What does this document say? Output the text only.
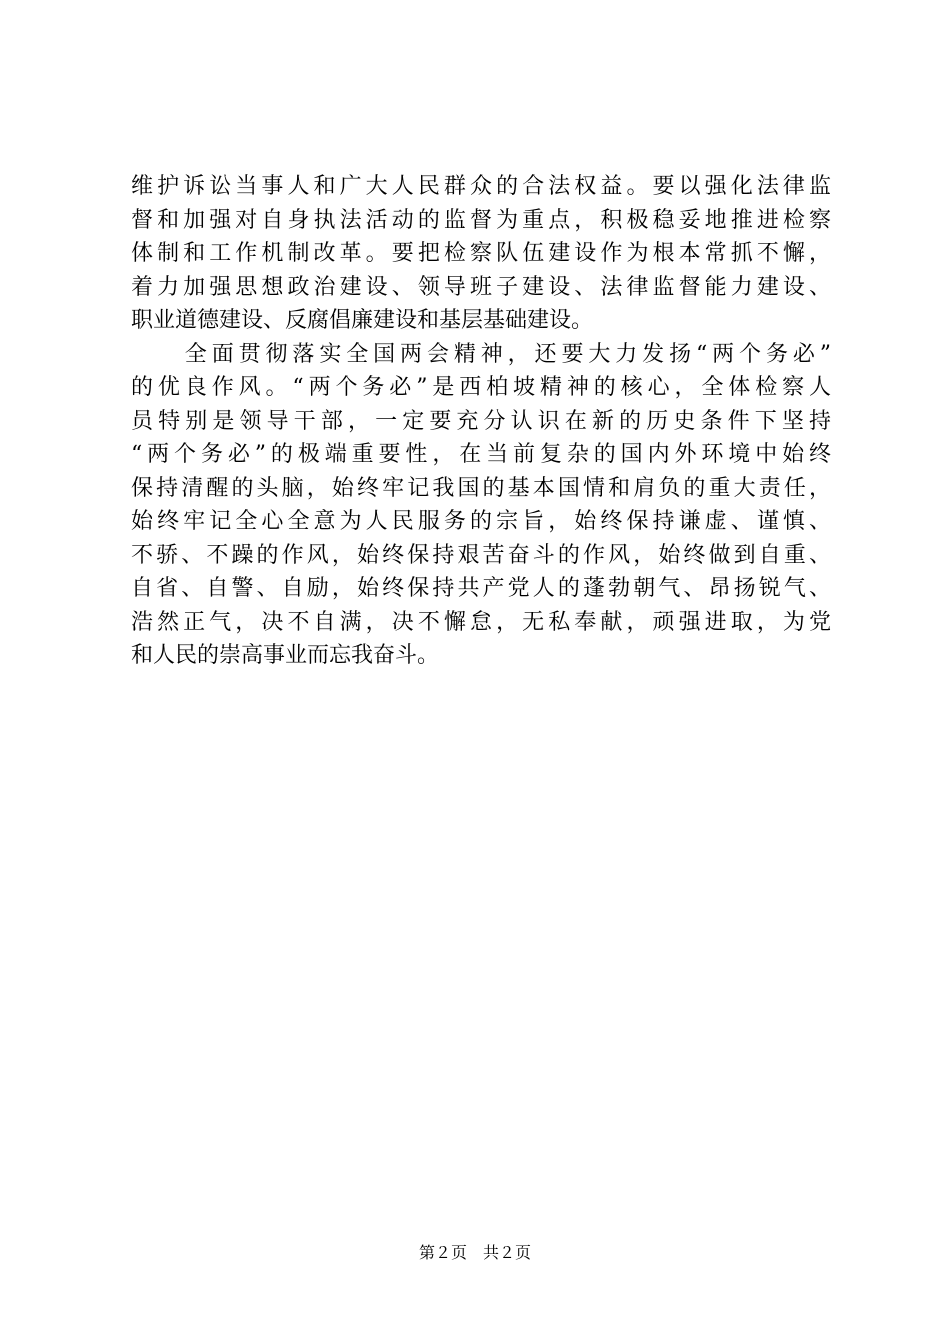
维护诉讼当事人和广大人民群众的合法权益。要以强化法律监
督和加强对自身执法活动的监督为重点，积极稳妥地推进检察
体制和工作机制改革。要把检察队伍建设作为根本常抓不懈，
着力加强思想政治建设、领导班子建设、法律监督能力建设、
职业道德建设、反腐倡廉建设和基层基础建设。
　　全面贯彻落实全国两会精神，还要大力发扬“两个务必”
的优良作风。“两个务必”是西柏坡精神的核心，全体检察人
员特别是领导干部，一定要充分认识在新的历史条件下坚持
“两个务必”的极端重要性，在当前复杂的国内外环境中始终
保持清醒的头脑，始终牢记我国的基本国情和肩负的重大责任，
始终牢记全心全意为人民服务的宗旨，始终保持谦虚、谨慎、
不骄、不躁的作风，始终保持艰苦奋斗的作风，始终做到自重、
自省、自警、自励，始终保持共产党人的蓬勃朝气、昂扬锐气、
浩然正气，决不自满，决不懈怠，无私奉献，顽强进取，为党
和人民的崇高事业而忘我奋斗。
第２页  共２页
